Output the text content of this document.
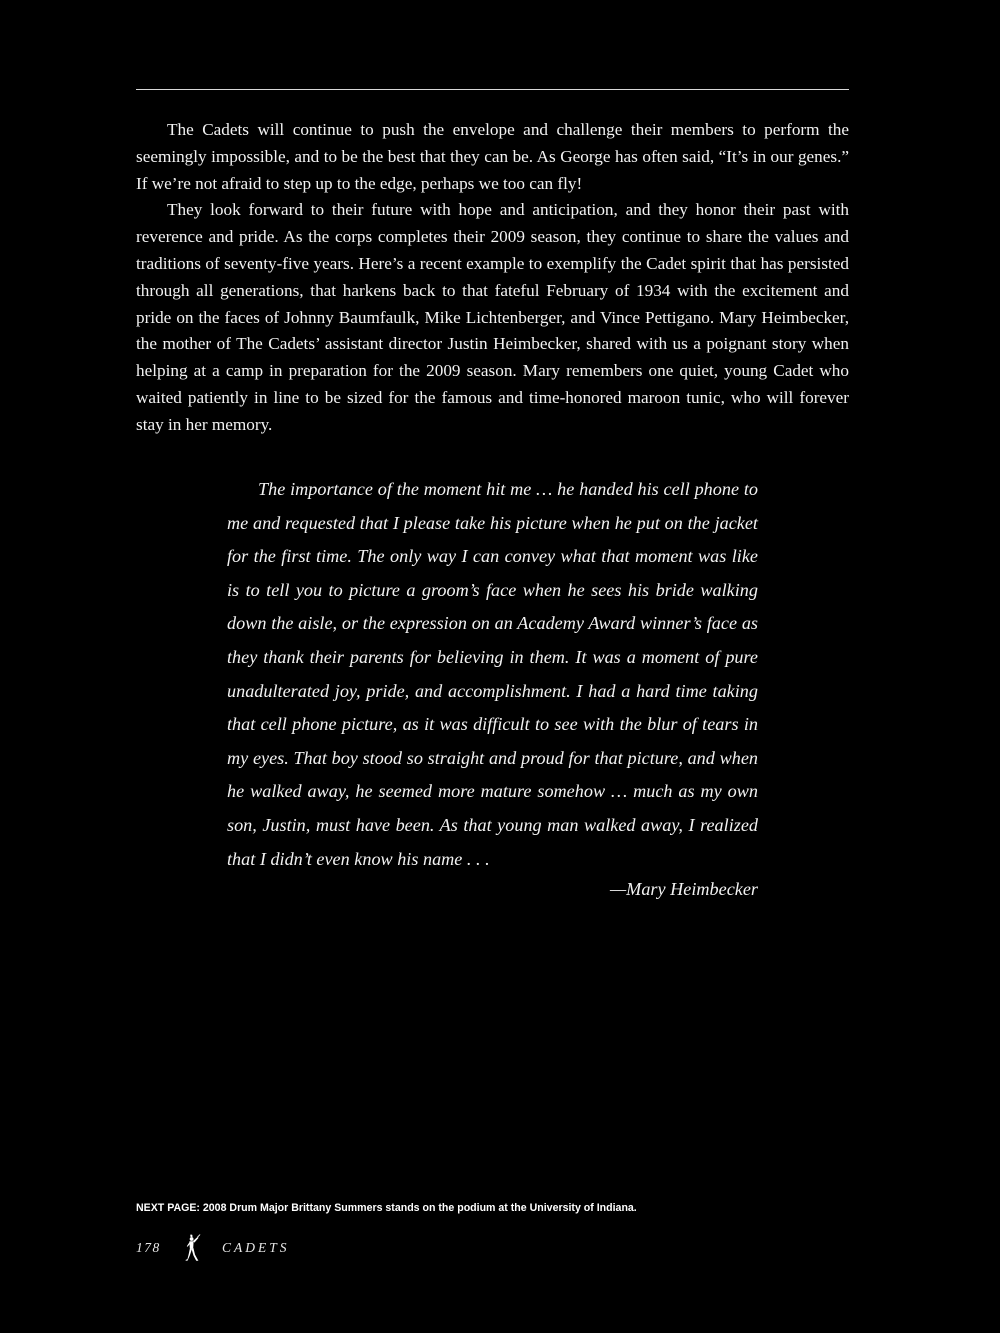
The Cadets will continue to push the envelope and challenge their members to perform the seemingly impossible, and to be the best that they can be. As George has often said, “It’s in our genes.” If we’re not afraid to step up to the edge, perhaps we too can fly!

They look forward to their future with hope and anticipation, and they honor their past with reverence and pride. As the corps completes their 2009 season, they continue to share the values and traditions of seventy-five years. Here’s a recent example to exemplify the Cadet spirit that has persisted through all generations, that harkens back to that fateful February of 1934 with the excitement and pride on the faces of Johnny Baumfaulk, Mike Lichtenberger, and Vince Pettigano. Mary Heimbecker, the mother of The Cadets’ assistant director Justin Heimbecker, shared with us a poignant story when helping at a camp in preparation for the 2009 season. Mary remembers one quiet, young Cadet who waited patiently in line to be sized for the famous and time-honored maroon tunic, who will forever stay in her memory.

The importance of the moment hit me … he handed his cell phone to me and requested that I please take his picture when he put on the jacket for the first time. The only way I can convey what that moment was like is to tell you to picture a groom’s face when he sees his bride walking down the aisle, or the expression on an Academy Award winner’s face as they thank their parents for believing in them. It was a moment of pure unadulterated joy, pride, and accomplishment. I had a hard time taking that cell phone picture, as it was difficult to see with the blur of tears in my eyes. That boy stood so straight and proud for that picture, and when he walked away, he seemed more mature somehow … much as my own son, Justin, must have been. As that young man walked away, I realized that I didn’t even know his name . . .

—Mary Heimbecker
NEXT PAGE: 2008 Drum Major Brittany Summers stands on the podium at the University of Indiana.
178	CADETS
